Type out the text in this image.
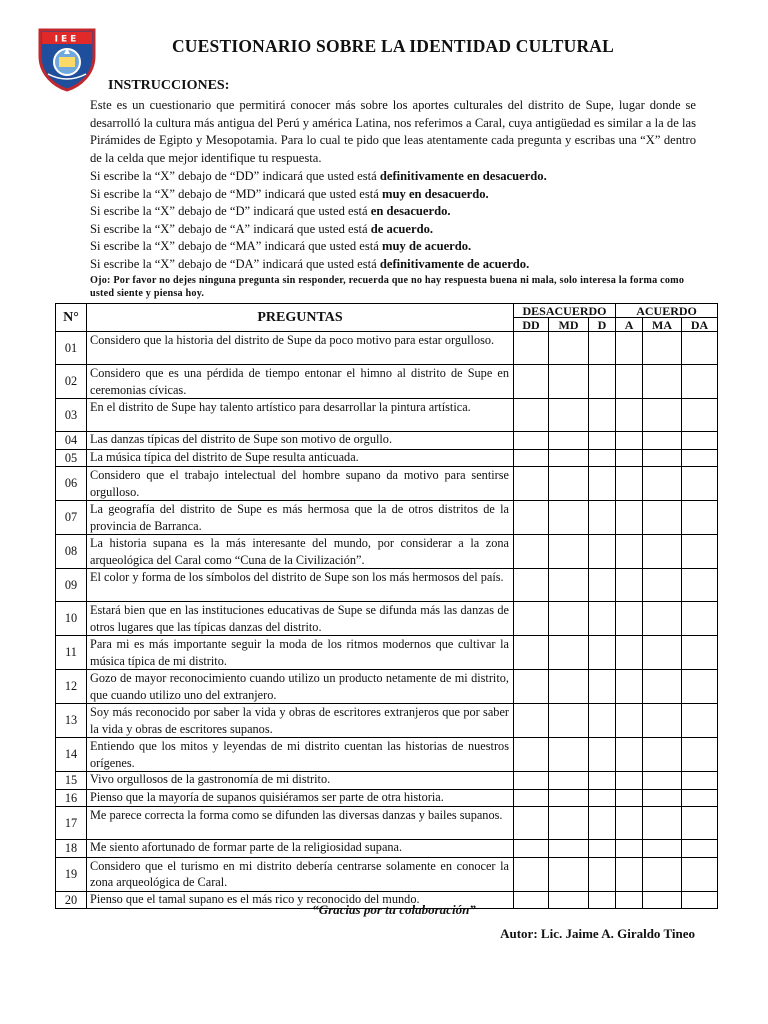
IEE	CUESTIONARIO SOBRE LA IDENTIDAD CULTURAL
INSTRUCCIONES:
Este es un cuestionario que permitirá conocer más sobre los aportes culturales del distrito de Supe, lugar donde se desarrolló la cultura más antigua del Perú y américa Latina, nos referimos a Caral, cuya antigüedad es similar a la de las Pirámides de Egipto y Mesopotamia. Para lo cual te pido que leas atentamente cada pregunta y escribas una “X” dentro de la celda que mejor identifique tu respuesta.
Si escribe la “X” debajo de “DD” indicará que usted está definitivamente en desacuerdo.
Si escribe la “X” debajo de “MD” indicará que usted está muy en desacuerdo.
Si escribe la “X” debajo de “D” indicará que usted está en desacuerdo.
Si escribe la “X” debajo de “A” indicará que usted está de acuerdo.
Si escribe la “X” debajo de “MA” indicará que usted está muy de acuerdo.
Si escribe la “X” debajo de “DA” indicará que usted está definitivamente de acuerdo.
Ojo: Por favor no dejes ninguna pregunta sin responder, recuerda que no hay respuesta buena ni mala, solo interesa la forma como usted siente y piensa hoy.
N°	PREGUNTAS	DESACUERDO			ACUERDO		
		DD	MD	D	A	MA	DA
01	Considero que la historia del distrito de Supe da poco motivo para estar orgulloso.						
02	Considero que es una pérdida de tiempo entonar el himno al distrito de Supe en ceremonias cívicas.						
03	En el distrito de Supe hay talento artístico para desarrollar la pintura artística.						
04	Las danzas típicas del distrito de Supe son motivo de orgullo.						
05	La música típica del distrito de Supe resulta anticuada.						
06	Considero que el trabajo intelectual del hombre supano da motivo para sentirse orgulloso.						
07	La geografía del distrito de Supe es más hermosa que la de otros distritos de la provincia de Barranca.						
08	La historia supana es la más interesante del mundo, por considerar a la zona arqueológica del Caral como “Cuna de la Civilización”.						
09	El color y forma de los símbolos del distrito de Supe son los más hermosos del país.						
10	Estará bien que en las instituciones educativas de Supe se difunda más las danzas de otros lugares que las típicas danzas del distrito.						
11	Para mi es más importante seguir la moda de los ritmos modernos que cultivar la música típica de mi distrito.						
12	Gozo de mayor reconocimiento cuando utilizo un producto netamente de mi distrito, que cuando utilizo uno del extranjero.						
13	Soy más reconocido por saber la vida y obras de escritores extranjeros que por saber la vida y obras de escritores supanos.						
14	Entiendo que los mitos y leyendas de mi distrito cuentan las historias de nuestros orígenes.						
15	Vivo orgullosos de la gastronomía de mi distrito.						
16	Pienso que la mayoría de supanos quisiéramos ser parte de otra historia.						
17	Me parece correcta la forma como se difunden las diversas danzas y bailes supanos.						
18	Me siento afortunado de formar parte de la religiosidad supana.						
19	Considero que el turismo en mi distrito debería centrarse solamente en conocer la zona arqueológica de Caral.						
20	Pienso que el tamal supano es el más rico y reconocido del mundo.						
“Gracias por tu colaboración”
Autor: Lic. Jaime A. Giraldo Tineo
